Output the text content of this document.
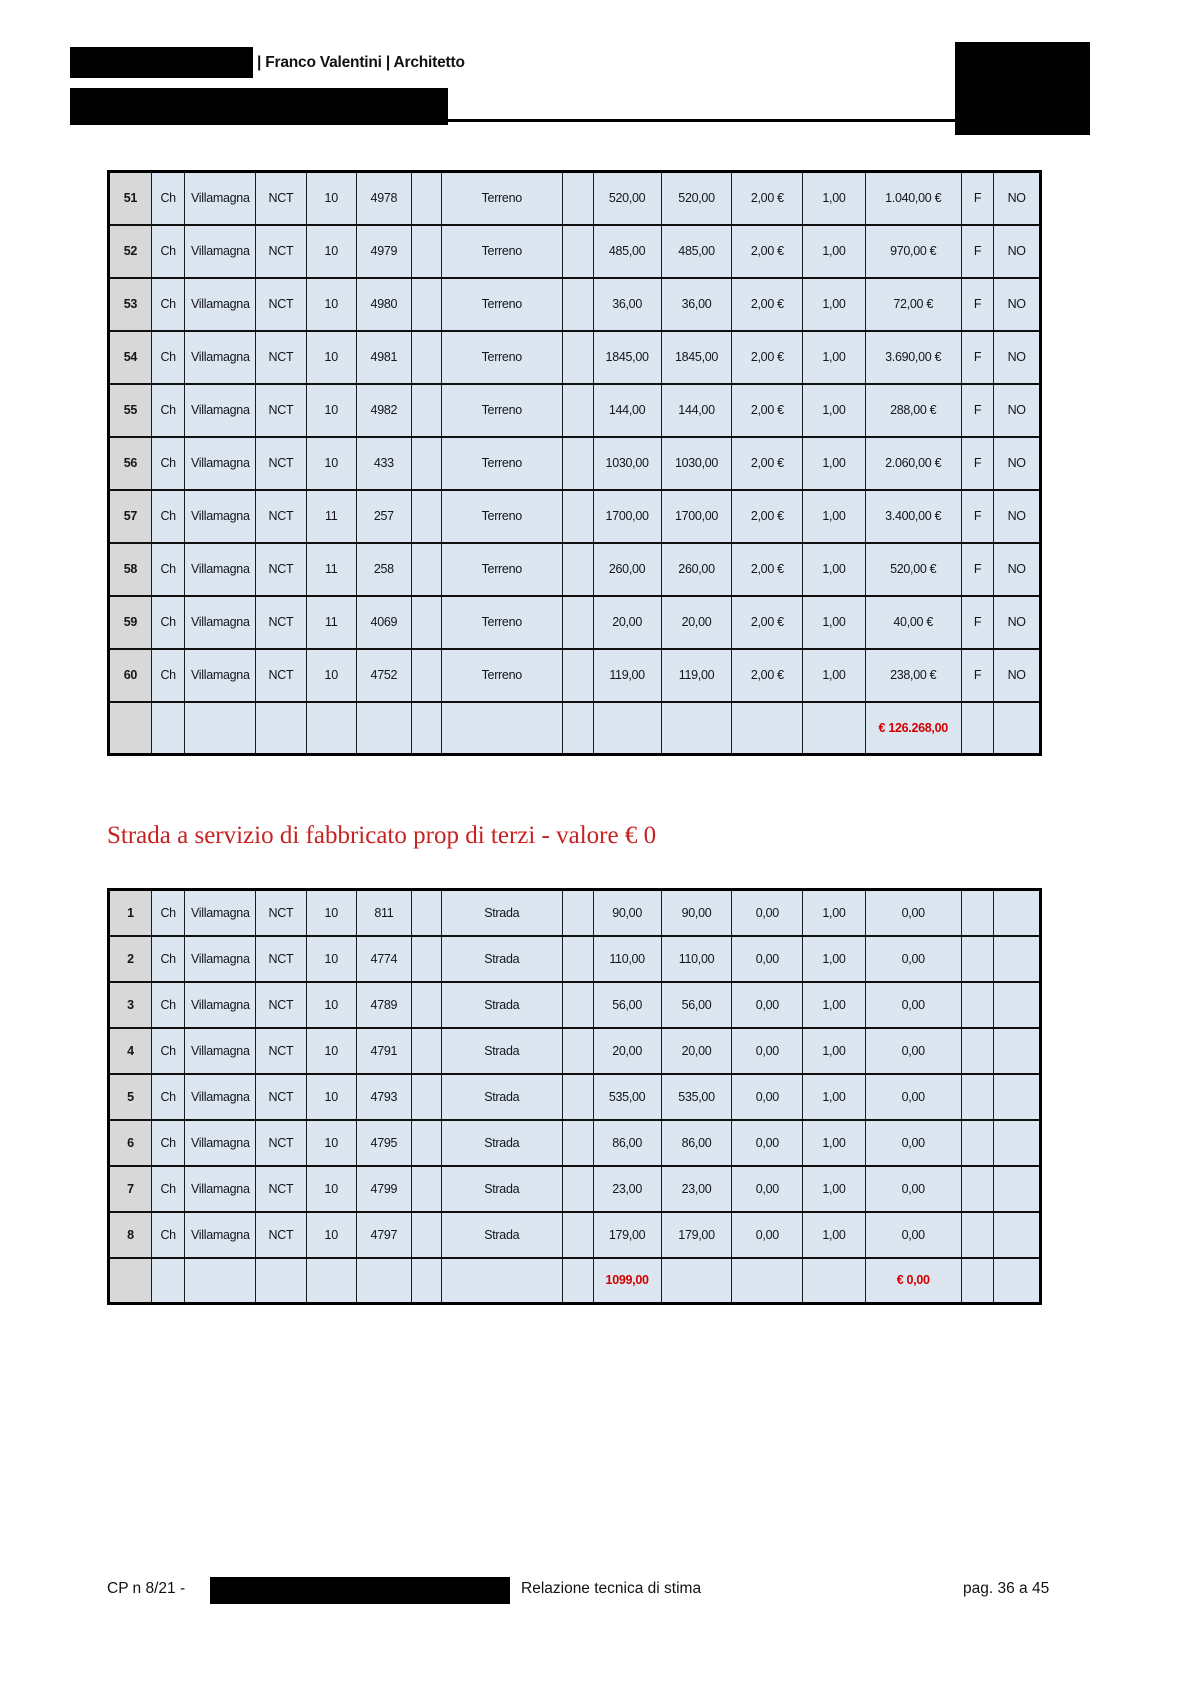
| Franco Valentini | Architetto
51	Ch	Villamagna	NCT	10	4978		Terreno		520,00	520,00	2,00 €	1,00	1.040,00 €	F	NO
52	Ch	Villamagna	NCT	10	4979		Terreno		485,00	485,00	2,00 €	1,00	970,00 €	F	NO
53	Ch	Villamagna	NCT	10	4980		Terreno		36,00	36,00	2,00 €	1,00	72,00 €	F	NO
54	Ch	Villamagna	NCT	10	4981		Terreno		1845,00	1845,00	2,00 €	1,00	3.690,00 €	F	NO
55	Ch	Villamagna	NCT	10	4982		Terreno		144,00	144,00	2,00 €	1,00	288,00 €	F	NO
56	Ch	Villamagna	NCT	10	433		Terreno		1030,00	1030,00	2,00 €	1,00	2.060,00 €	F	NO
57	Ch	Villamagna	NCT	11	257		Terreno		1700,00	1700,00	2,00 €	1,00	3.400,00 €	F	NO
58	Ch	Villamagna	NCT	11	258		Terreno		260,00	260,00	2,00 €	1,00	520,00 €	F	NO
59	Ch	Villamagna	NCT	11	4069		Terreno		20,00	20,00	2,00 €	1,00	40,00 €	F	NO
60	Ch	Villamagna	NCT	10	4752		Terreno		119,00	119,00	2,00 €	1,00	238,00 €	F	NO
													€ 126.268,00		
Strada a servizio di fabbricato prop di terzi - valore € 0
1	Ch	Villamagna	NCT	10	811		Strada		90,00	90,00	0,00	1,00	0,00		
2	Ch	Villamagna	NCT	10	4774		Strada		110,00	110,00	0,00	1,00	0,00		
3	Ch	Villamagna	NCT	10	4789		Strada		56,00	56,00	0,00	1,00	0,00		
4	Ch	Villamagna	NCT	10	4791		Strada		20,00	20,00	0,00	1,00	0,00		
5	Ch	Villamagna	NCT	10	4793		Strada		535,00	535,00	0,00	1,00	0,00		
6	Ch	Villamagna	NCT	10	4795		Strada		86,00	86,00	0,00	1,00	0,00		
7	Ch	Villamagna	NCT	10	4799		Strada		23,00	23,00	0,00	1,00	0,00		
8	Ch	Villamagna	NCT	10	4797		Strada		179,00	179,00	0,00	1,00	0,00		
									1099,00				€ 0,00		
CP n 8/21 -	Relazione tecnica di stima	pag. 36 a 45
